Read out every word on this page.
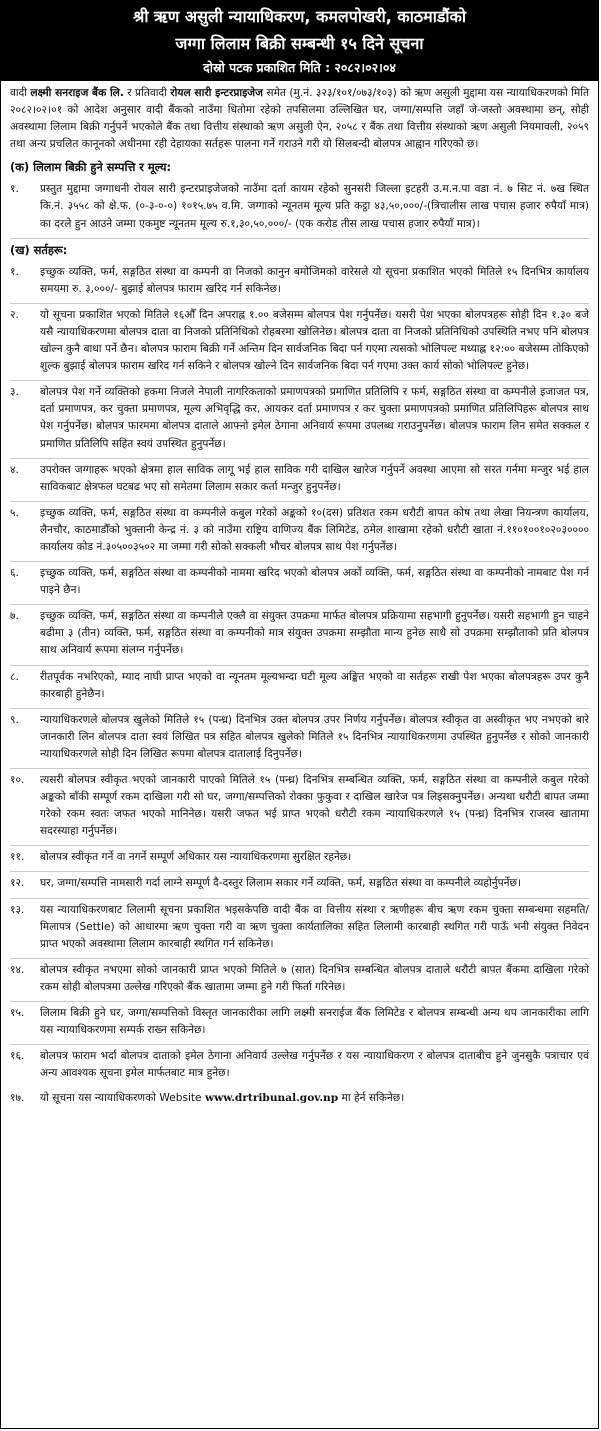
श्री ऋण असुली न्यायाधिकरण, कमलपोखरी, काठमाडौंको
जग्गा लिलाम बिक्री सम्बन्धी १५ दिने सूचना
दोस्रो पटक प्रकाशित मिति : २०८२।०२।०४

वादी लक्ष्मी सनराइज बैंक लि. र प्रतिवादी रोयल सारी इन्टरप्राइजेज समेत (मु.नं. ३२३/१०१/०७३/१०३) को ऋण असुली मुद्दामा यस न्यायाधिकरणको मिति २०८२।०२।०१ को आदेश अनुसार वादी बैंकको नाउँमा धितोमा रहेको तपसिलमा उल्लिखित घर, जग्गा/सम्पत्ति जहाँ जे-जस्तो अवस्थामा छन्, सोही अवस्थामा लिलाम बिक्री गर्नुपर्ने भएकोले बैंक तथा वित्तीय संस्थाको ऋण असुली ऐन, २०५८ र बैंक तथा वित्तीय संस्थाको ऋण असुली नियमावली, २०५९ तथा अन्य प्रचलित कानूनको अधीनमा रही देहायका सर्तहरू पालना गर्ने गराउने गरी यो सिलबन्दी बोलपत्र आह्वान गरिएको छ।

(क) लिलाम बिक्री हुने सम्पत्ति र मूल्य:
१.	प्रस्तुत मुद्दामा जग्गाधनी रोयल सारी इन्टरप्राइजेजको नाउँमा दर्ता कायम रहेको सुनसरी जिल्ला इटहरी उ.म.न.पा वडा नं. ७ सिट नं. ७ख स्थित कि.नं. ३५५८ को क्षे.फ. (०-३-०-०) १०१५.७५ व.मि. जग्गाको न्यूनतम मूल्य प्रति कट्ठा ४३,५०,०००/-(त्रिचालीस लाख पचास हजार रुपैयाँ मात्र) का दरले हुन आउने जम्मा एकमुष्ट न्यूनतम मूल्य रु.१,३०,५०,०००/- (एक करोड तीस लाख पचास हजार रुपैयाँ मात्र)।
(ख) सर्तहरू:
१.	इच्छुक व्यक्ति, फर्म, सङ्गठित संस्था वा कम्पनी वा निजको कानुन बमोजिमको वारेसले यो सूचना प्रकाशित भएको मितिले १५ दिनभित्र कार्यालय समयमा रु. ३,०००/- बुझाई बोलपत्र फाराम खरिद गर्न सकिनेछ।
२.	यो सूचना प्रकाशित भएको मितिले १६औँ दिन अपराह्न १.०० बजेसम्म बोलपत्र पेश गर्नुपर्नेछ। यसरी पेश भएका बोलपत्रहरू सोही दिन १.३० बजे यसै न्यायाधिकरणमा बोलपत्र दाता वा निजको प्रतिनिधिको रोहबरमा खोलिनेछ। बोलपत्र दाता वा निजको प्रतिनिधिको उपस्थिति नभए पनि बोलपत्र खोल्न कुनै बाधा पर्ने छैन। बोलपत्र फाराम बिक्री गर्ने अन्तिम दिन सार्वजनिक बिदा पर्न गएमा त्यसको भोलिपल्ट मध्याह्न १२:०० बजेसम्म तोकिएको शुल्क बुझाई बोलपत्र फाराम खरिद गर्न सकिने र बोलपत्र खोल्ने दिन सार्वजनिक बिदा पर्न गएमा उक्त कार्य सोको भोलिपल्ट हुनेछ।
३.	बोलपत्र पेश गर्ने व्यक्तिको हकमा निजले नेपाली नागरिकताको प्रमाणपत्रको प्रमाणित प्रतिलिपि र फर्म, सङ्गठित संस्था वा कम्पनीले इजाजत पत्र, दर्ता प्रमाणपत्र, कर चुक्ता प्रमाणपत्र, मूल्य अभिवृद्धि कर, आयकर दर्ता प्रमाणपत्र र कर चुक्ता प्रमाणपत्रको प्रमाणित प्रतिलिपिहरू बोलपत्र साथ पेश गर्नुपर्नेछ। बोलपत्र फारममा बोलपत्र दाताले आफ्नो इमेल ठेगाना अनिवार्य रूपमा उपलब्ध गराउनुपर्नेछ। बोलपत्र फाराम लिन समेत सक्कल र प्रमाणित प्रतिलिपि सहित स्वयं उपस्थित हुनुपर्नेछ।
४.	उपरोक्त जग्गाहरू भएको क्षेत्रमा हाल साविक लागू भई हाल साविक गरी दाखिल खारेज गर्नुपर्ने अवस्था आएमा सो सरत गर्नमा मन्जुर भई हाल साविकबाट क्षेत्रफल घटबढ भए सो समेतमा लिलाम सकार कर्ता मन्जुर हुनुपर्नेछ।
५.	इच्छुक व्यक्ति, फर्म, सङ्गठित संस्था वा कम्पनीले कबुल गरेको अङ्कको १०(दस) प्रतिशत रकम धरौटी बापत कोष तथा लेखा नियन्त्रण कार्यालय, लैनचौर, काठमाडौँको भुक्तानी केन्द्र नं. ३ को नाउँमा राष्ट्रिय वाणिज्य बैंक लिमिटेड, ठमेल शाखामा रहेको धरौटी खाता नं.११०१००१०२०३०००० कार्यालय कोड नं.३०५००३५०२ मा जम्मा गरी सोको सक्कली भौचर बोलपत्र साथ पेश गर्नुपर्नेछ।
६.	इच्छुक व्यक्ति, फर्म, सङ्गठित संस्था वा कम्पनीको नाममा खरिद भएको बोलपत्र अर्को व्यक्ति, फर्म, सङ्गठित संस्था वा कम्पनीको नामबाट पेश गर्न पाइने छैन।
७.	इच्छुक व्यक्ति, फर्म, सङ्गठित संस्था वा कम्पनीले एक्लै वा संयुक्त उपक्रमा मार्फत बोलपत्र प्रक्रियामा सहभागी हुनुपर्नेछ। यसरी सहभागी हुन चाहने बढीमा ३ (तीन) व्यक्ति, फर्म, सङ्गठित संस्था वा कम्पनीको मात्र संयुक्त उपक्रमा सम्झौता मान्य हुनेछ साथै सो उपक्रमा सम्झौताको प्रति बोलपत्र साथ अनिवार्य रूपमा संलग्न गर्नुपर्नेछ।
८.	रीतपूर्वक नभरिएको, म्याद नाघी प्राप्त भएको वा न्यूनतम मूल्यभन्दा घटी मूल्य अङ्कित भएको वा सर्तहरू राखी पेश भएका बोलपत्रहरू उपर कुनै कारबाही हुनेछैन।
९.	न्यायाधिकरणले बोलपत्र खुलेको मितिले १५ (पन्ध्र) दिनभित्र उक्त बोलपत्र उपर निर्णय गर्नुपर्नेछ। बोलपत्र स्वीकृत वा अस्वीकृत भए नभएको बारे जानकारी लिन बोलपत्र दाता स्वयं लिखित पत्र सहित बोलपत्र खुलेको मितिले १५ दिनभित्र न्यायाधिकरणमा उपस्थित हुनुपर्नेछ र सोको जानकारी न्यायाधिकरणले सोही दिन लिखित रूपमा बोलपत्र दातालाई दिनुपर्नेछ।
१०.	त्यसरी बोलपत्र स्वीकृत भएको जानकारी पाएको मितिले १५ (पन्ध्र) दिनभित्र सम्बन्धित व्यक्ति, फर्म, सङ्गठित संस्था वा कम्पनीले कबुल गरेको अङ्कको बाँकी सम्पूर्ण रकम दाखिला गरी सो घर, जग्गा/सम्पत्तिको रोक्का फुकुवा र दाखिल खारेज पत्र लिइसक्नुपर्नेछ। अन्यथा धरौटी बापत जम्मा गरेको रकम स्वतः जफत भएको मानिनेछ। यसरी जफत भई प्राप्त भएको धरौटी रकम न्यायाधिकरणले १५ (पन्ध्र) दिनभित्र राजस्व खातामा सदरस्याहा गर्नुपर्नेछ।
११.	बोलपत्र स्वीकृत गर्ने वा नगर्ने सम्पूर्ण अधिकार यस न्यायाधिकरणमा सुरक्षित रहनेछ।
१२.	घर, जग्गा/सम्पत्ति नामसारी गर्दा लाग्ने सम्पूर्ण दै-दस्तुर लिलाम सकार गर्ने व्यक्ति, फर्म, सङ्गठित संस्था वा कम्पनीले व्यहोर्नुपर्नेछ।
१३.	यस न्यायाधिकरणबाट लिलामी सूचना प्रकाशित भइसकेपछि वादी बैंक वा वित्तीय संस्था र ऋणीहरू बीच ऋण रकम चुक्ता सम्बन्धमा सहमति/मिलापत्र (Settle) को आधारमा ऋण चुक्ता गरी वा ऋण चुक्ता कार्यतालिका सहित लिलामी कारबाही स्थगित गरी पाऊँ भनी संयुक्त निवेदन प्राप्त भएको अवस्थामा लिलाम कारबाही स्थगित गर्न सकिनेछ।
१४.	बोलपत्र स्वीकृत नभएमा सोको जानकारी प्राप्त भएको मितिले ७ (सात) दिनभित्र सम्बन्धित बोलपत्र दाताले धरौटी बापत बैंकमा दाखिला गरेको रकम सोही बोलपत्रमा उल्लेख गरिएको बैंक खातामा जम्मा हुने गरी फिर्ता गरिनेछ।
१५.	लिलाम बिक्री हुने घर, जग्गा/सम्पत्तिको विस्तृत जानकारीका लागि लक्ष्मी सनराईज बैंक लिमिटेड र बोलपत्र सम्बन्धी अन्य थप जानकारीका लागि यस न्यायाधिकरणमा सम्पर्क राख्न सकिनेछ।
१६.	बोलपत्र फाराम भर्दा बोलपत्र दाताको इमेल ठेगाना अनिवार्य उल्लेख गर्नुपर्नेछ र यस न्यायाधिकरण र बोलपत्र दाताबीच हुने जुनसुकै पत्राचार एवं अन्य आवश्यक सूचना इमेल मार्फतबाट मात्र हुनेछ।
१७.	यो सूचना यस न्यायाधिकरणको Website www.drtribunal.gov.np मा हेर्न सकिनेछ।
